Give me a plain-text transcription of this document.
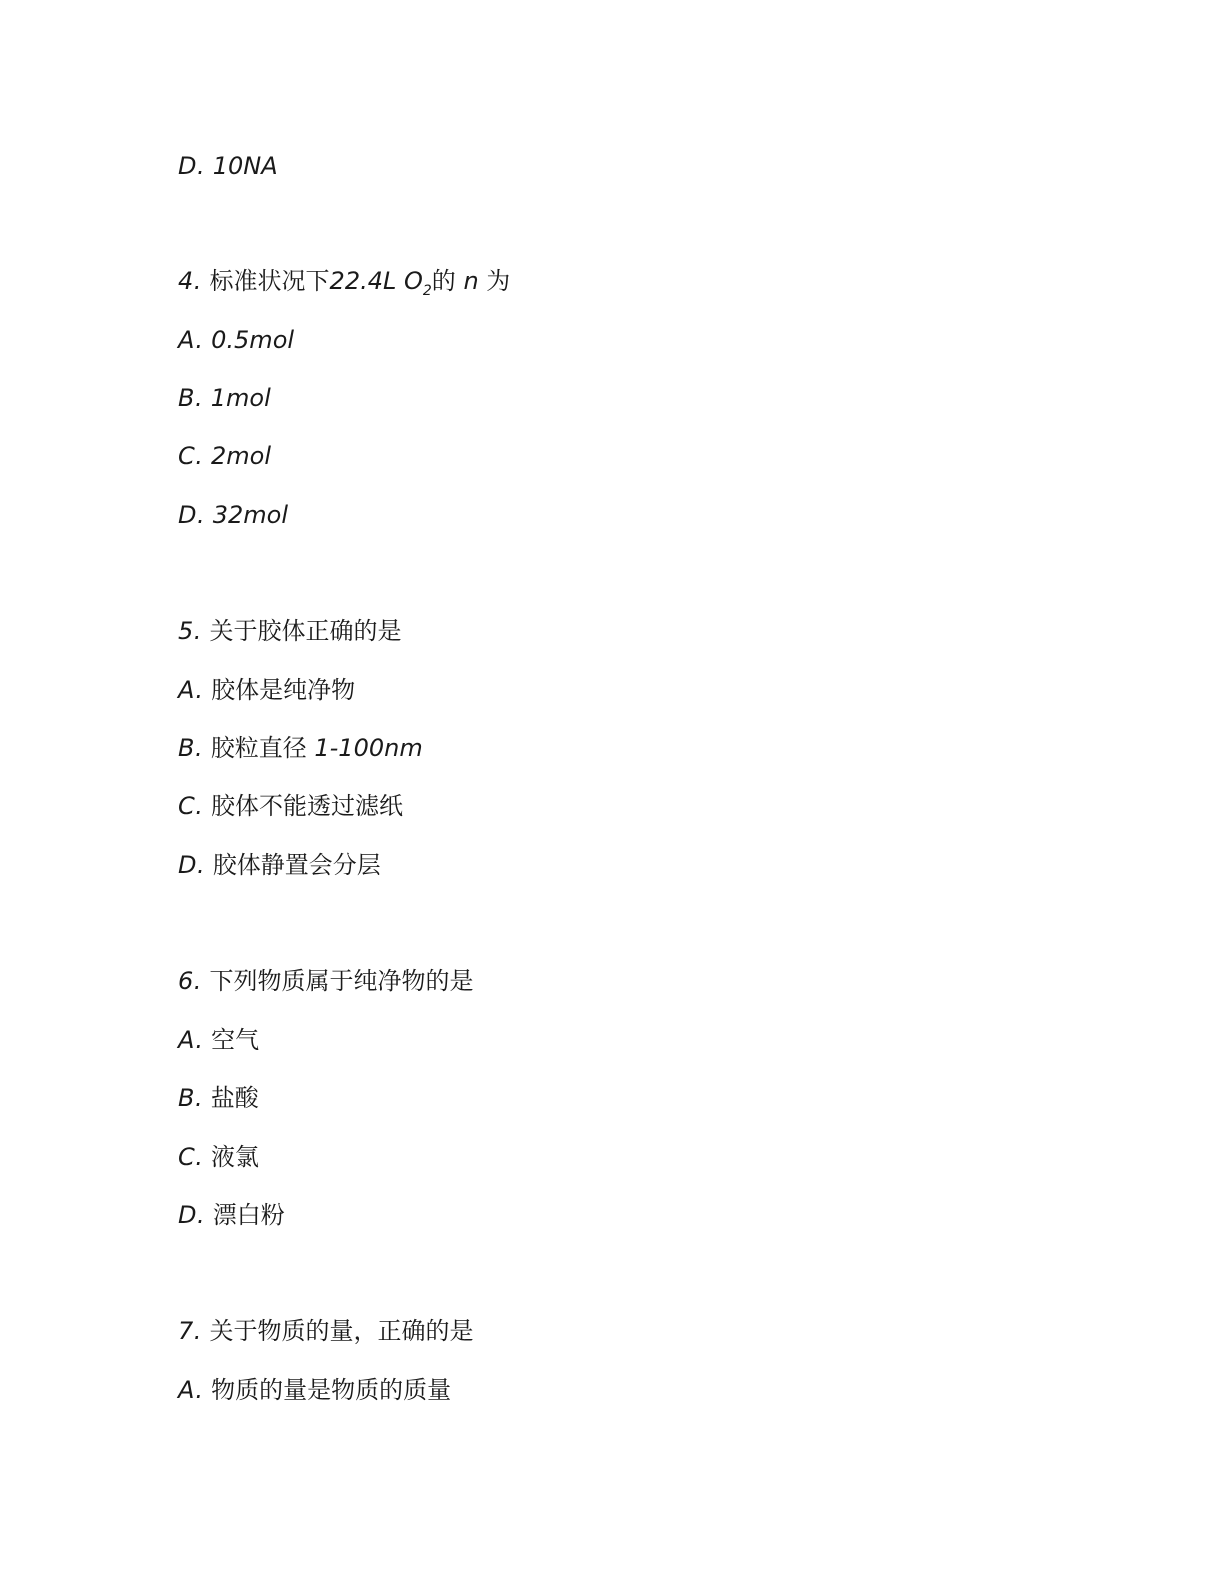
D. 10NA
4. 标准状况下22.4L $O_2$的 n 为
A. 0.5mol
B. 1mol
C. 2mol
D. 32mol
5. 关于胶体正确的是
A. 胶体是纯净物
B. 胶粒直径 1-100nm
C. 胶体不能透过滤纸
D. 胶体静置会分层
6. 下列物质属于纯净物的是
A. 空气
B. 盐酸
C. 液氯
D. 漂白粉
7. 关于物质的量，正确的是
A. 物质的量是物质的质量
